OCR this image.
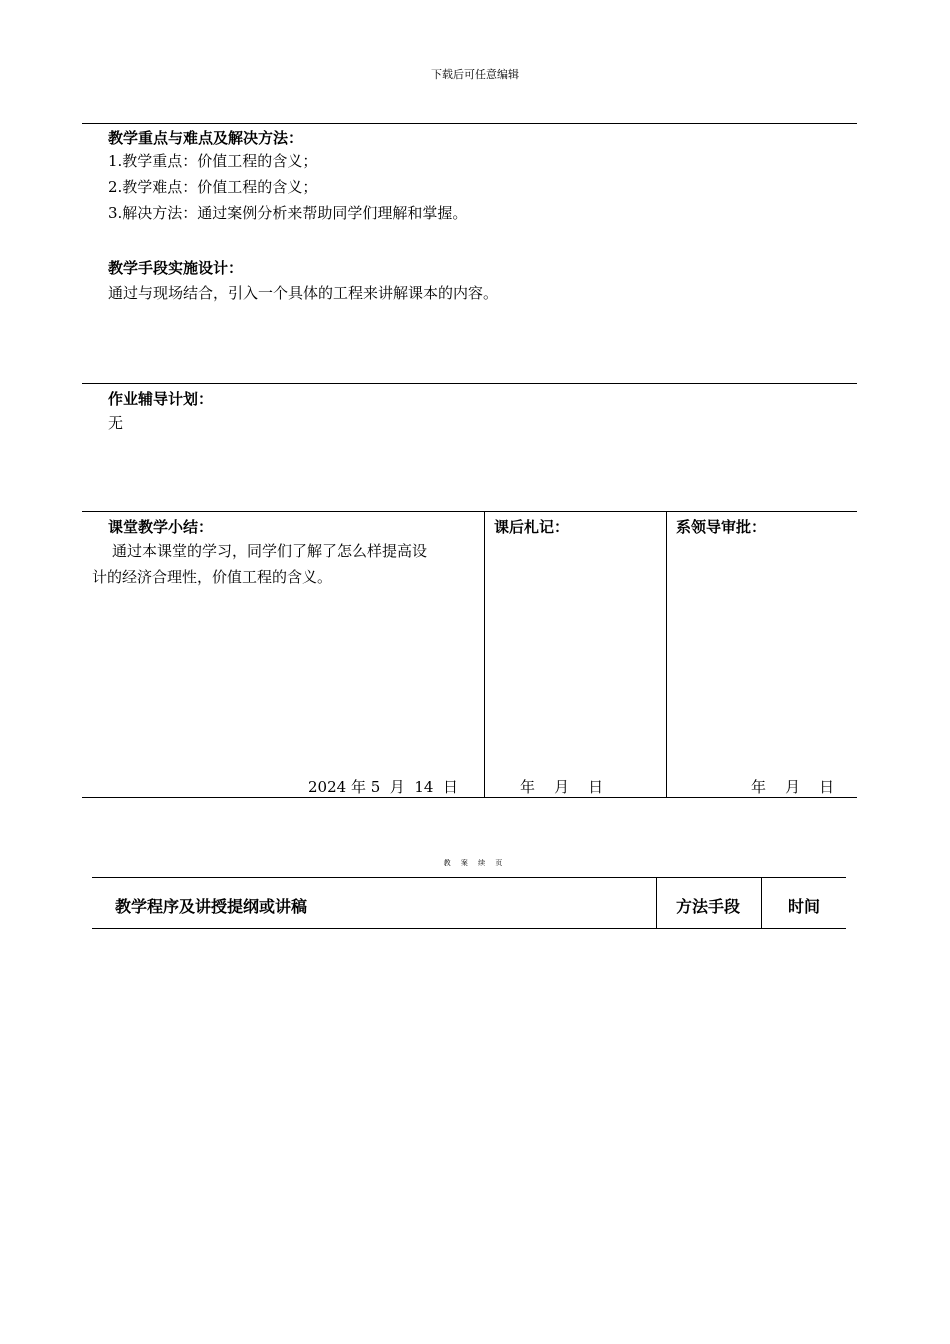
下载后可任意编辑
教学重点与难点及解决方法：
1.教学重点：价值工程的含义；
2.教学难点：价值工程的含义；
3.解决方法：通过案例分析来帮助同学们理解和掌握。
教学手段实施设计：
通过与现场结合，引入一个具体的工程来讲解课本的内容。
作业辅导计划：
无
课堂教学小结：
通过本课堂的学习，同学们了解了怎么样提高设
计的经济合理性，价值工程的含义。
2024 年 5  月  14  日
课后札记：
年    月    日
系领导审批：
年    月    日
教 案 续 页
教学程序及讲授提纲或讲稿	方法手段	时间
